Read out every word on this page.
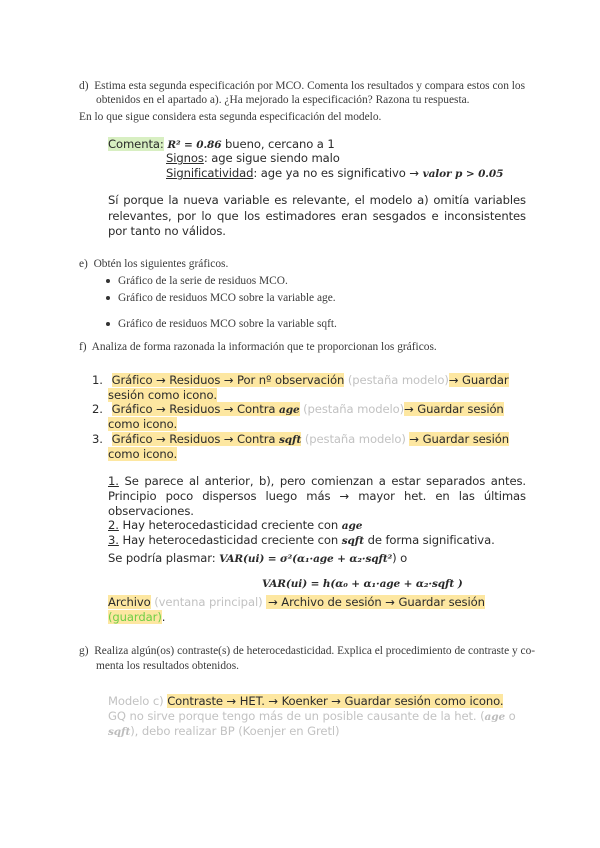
d) Estima esta segunda especificación por MCO. Comenta los resultados y compara estos con los
obtenidos en el apartado a). ¿Ha mejorado la especificación? Razona tu respuesta.
En lo que sigue considera esta segunda especificación del modelo.
Comenta: R² = 0.86 bueno, cercano a 1
Signos: age sigue siendo malo
Significatividad: age ya no es significativo → valor p > 0.05
Sí porque la nueva variable es relevante, el modelo a) omitía variables relevantes, por lo que los estimadores eran sesgados e inconsistentes por tanto no válidos.
e) Obtén los siguientes gráficos.
Gráfico de la serie de residuos MCO.
Gráfico de residuos MCO sobre la variable age.
Gráfico de residuos MCO sobre la variable sqft.
f) Analiza de forma razonada la información que te proporcionan los gráficos.
1. Gráfico → Residuos → Por nº observación (pestaña modelo)→ Guardar
sesión como icono.
2. Gráfico → Residuos → Contra age (pestaña modelo)→ Guardar sesión
como icono.
3. Gráfico → Residuos → Contra sqft (pestaña modelo) → Guardar sesión
como icono.
1. Se parece al anterior, b), pero comienzan a estar separados antes. Principio poco dispersos luego más → mayor het. en las últimas observaciones.
2. Hay heterocedasticidad creciente con age
3. Hay heterocedasticidad creciente con sqft de forma significativa.
Se podría plasmar: VAR(ui) = σ²(α₁·age + α₂·sqft²) o
VAR(ui) = h(α₀ + α₁·age + α₂·sqft )
Archivo (ventana principal) → Archivo de sesión → Guardar sesión
(guardar).
g) Realiza algún(os) contraste(s) de heterocedasticidad. Explica el procedimiento de contraste y co-
menta los resultados obtenidos.
Modelo c) Contraste → HET. → Koenker → Guardar sesión como icono.
GQ no sirve porque tengo más de un posible causante de la het. (age o
sqft), debo realizar BP (Koenjer en Gretl)
